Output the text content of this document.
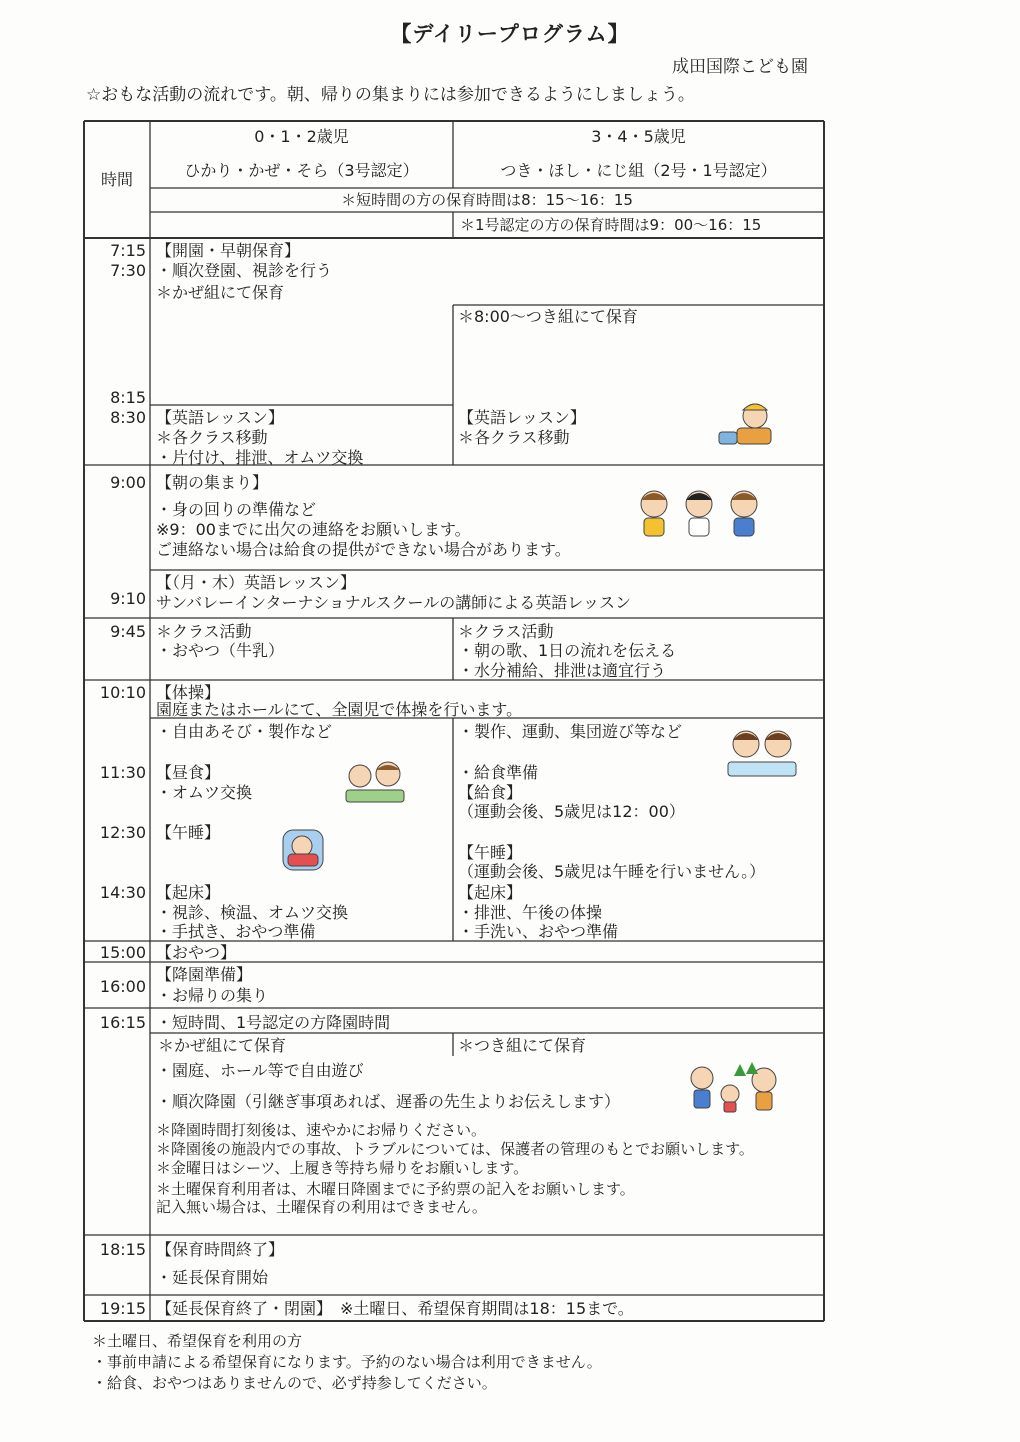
【デイリープログラム】
成田国際こども園
☆おもな活動の流れです。朝、帰りの集まりには参加できるようにしましょう。
0・1・2歳児
ひかり・かぜ・そら（3号認定）
3・4・5歳児
つき・ほし・にじ組（2号・1号認定）
時間
＊短時間の方の保育時間は8：15～16：15
＊1号認定の方の保育時間は9：00～16：15
7:15
7:30
8:15
8:30
9:00
9:10
9:45
10:10
11:30
12:30
14:30
15:00
16:00
16:15
18:15
19:15
【開園・早朝保育】
・順次登園、視診を行う
＊かぜ組にて保育
＊8:00～つき組にて保育
【英語レッスン】
＊各クラス移動
・片付け、排泄、オムツ交換
【英語レッスン】
＊各クラス移動
【朝の集まり】
・身の回りの準備など
※9：00までに出欠の連絡をお願いします。
ご連絡ない場合は給食の提供ができない場合があります。
【（月・木）英語レッスン】
サンバレーインターナショナルスクールの講師による英語レッスン
＊クラス活動
・おやつ（牛乳）
＊クラス活動
・朝の歌、1日の流れを伝える
・水分補給、排泄は適宜行う
【体操】
園庭またはホールにて、全園児で体操を行います。
・自由あそび・製作など
【昼食】
・オムツ交換
【午睡】
【起床】
・視診、検温、オムツ交換
・手拭き、おやつ準備
・製作、運動、集団遊び等など
・給食準備
【給食】
（運動会後、5歳児は12：00）
【午睡】
（運動会後、5歳児は午睡を行いません。）
【起床】
・排泄、午後の体操
・手洗い、おやつ準備
【おやつ】
【降園準備】
・お帰りの集り
・短時間、1号認定の方降園時間
＊かぜ組にて保育	＊つき組にて保育
・園庭、ホール等で自由遊び
・順次降園（引継ぎ事項あれば、遅番の先生よりお伝えします）
＊降園時間打刻後は、速やかにお帰りください。
＊降園後の施設内での事故、トラブルについては、保護者の管理のもとでお願いします。
＊金曜日はシーツ、上履き等持ち帰りをお願いします。
＊土曜保育利用者は、木曜日降園までに予約票の記入をお願いします。
記入無い場合は、土曜保育の利用はできません。
【保育時間終了】
・延長保育開始
【延長保育終了・閉園】　※土曜日、希望保育期間は18：15まで。
＊土曜日、希望保育を利用の方
・事前申請による希望保育になります。予約のない場合は利用できません。
・給食、おやつはありませんので、必ず持参してください。
